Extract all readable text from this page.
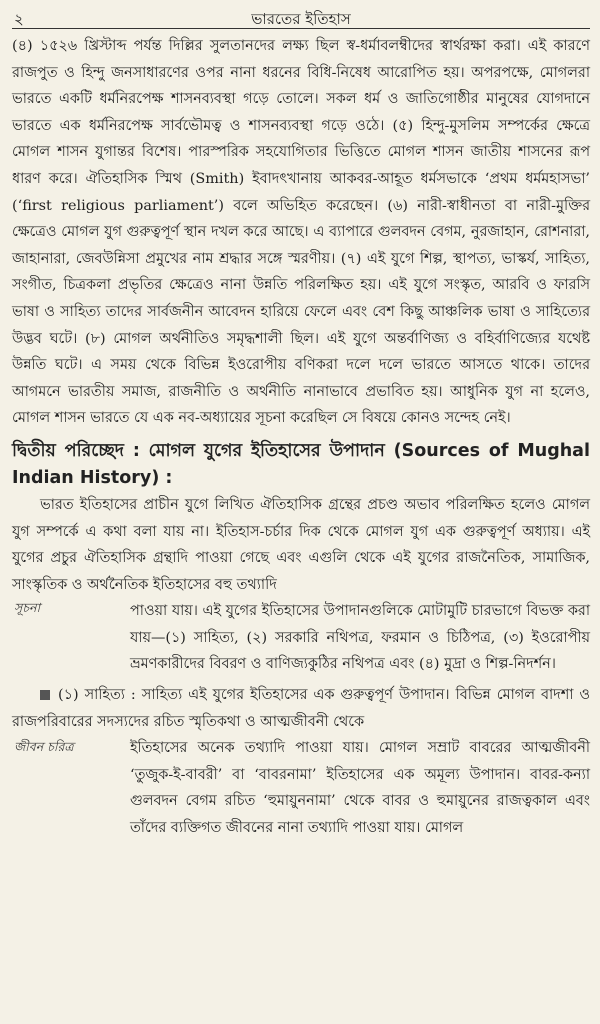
২	ভারতের ইতিহাস

(৪) ১৫২৬ খ্রিস্টাব্দ পর্যন্ত দিল্লির সুলতানদের লক্ষ্য ছিল স্ব-ধর্মাবলম্বীদের স্বার্থরক্ষা করা। এই কারণে রাজপুত ও হিন্দু জনসাধারণের ওপর নানা ধরনের বিধি-নিষেধ আরোপিত হয়। অপরপক্ষে, মোগলরা ভারতে একটি ধর্মনিরপেক্ষ শাসনব্যবস্থা গড়ে তোলে। সকল ধর্ম ও জাতিগোষ্ঠীর মানুষের যোগদানে ভারতে এক ধর্মনিরপেক্ষ সার্বভৌমত্ব ও শাসনব্যবস্থা গড়ে ওঠে। (৫) হিন্দু-মুসলিম সম্পর্কের ক্ষেত্রে মোগল শাসন যুগান্তর বিশেষ। পারস্পরিক সহযোগিতার ভিত্তিতে মোগল শাসন জাতীয় শাসনের রূপ ধারণ করে। ঐতিহাসিক স্মিথ (Smith) ইবাদৎখানায় আকবর-আহূত ধর্মসভাকে ‘প্রথম ধর্মমহাসভা’ (‘first religious parliament’) বলে অভিহিত করেছেন। (৬) নারী-স্বাধীনতা বা নারী-মুক্তির ক্ষেত্রেও মোগল যুগ গুরুত্বপূর্ণ স্থান দখল করে আছে। এ ব্যাপারে গুলবদন বেগম, নুরজাহান, রোশনারা, জাহানারা, জেবউন্নিসা প্রমুখের নাম শ্রদ্ধার সঙ্গে স্মরণীয়। (৭) এই যুগে শিল্প, স্থাপত্য, ভাস্কর্য, সাহিত্য, সংগীত, চিত্রকলা প্রভৃতির ক্ষেত্রেও নানা উন্নতি পরিলক্ষিত হয়। এই যুগে সংস্কৃত, আরবি ও ফারসি ভাষা ও সাহিত্য তাদের সার্বজনীন আবেদন হারিয়ে ফেলে এবং বেশ কিছু আঞ্চলিক ভাষা ও সাহিত্যের উদ্ভব ঘটে। (৮) মোগল অর্থনীতিও সমৃদ্ধশালী ছিল। এই যুগে অন্তর্বাণিজ্য ও বহির্বাণিজ্যের যথেষ্ট উন্নতি ঘটে। এ সময় থেকে বিভিন্ন ইওরোপীয় বণিকরা দলে দলে ভারতে আসতে থাকে। তাদের আগমনে ভারতীয় সমাজ, রাজনীতি ও অর্থনীতি নানাভাবে প্রভাবিত হয়। আধুনিক যুগ না হলেও, মোগল শাসন ভারতে যে এক নব-অধ্যায়ের সূচনা করেছিল সে বিষয়ে কোনও সন্দেহ নেই।

দ্বিতীয় পরিচ্ছেদ : মোগল যুগের ইতিহাসের উপাদান (Sources of Mughal Indian History) :

ভারত ইতিহাসের প্রাচীন যুগে লিখিত ঐতিহাসিক গ্রন্থের প্রচণ্ড অভাব পরিলক্ষিত হলেও মোগল যুগ সম্পর্কে এ কথা বলা যায় না। ইতিহাস-চর্চার দিক থেকে মোগল যুগ এক গুরুত্বপূর্ণ অধ্যায়। এই যুগের প্রচুর ঐতিহাসিক গ্রন্থাদি পাওয়া গেছে এবং এগুলি থেকে এই যুগের রাজনৈতিক, সামাজিক, সাংস্কৃতিক ও অর্থনৈতিক ইতিহাসের বহু তথ্যাদি

সূচনা	পাওয়া যায়। এই যুগের ইতিহাসের উপাদানগুলিকে মোটামুটি চারভাগে বিভক্ত করা যায়—(১) সাহিত্য, (২) সরকারি নথিপত্র, ফরমান ও চিঠিপত্র, (৩) ইওরোপীয় ভ্রমণকারীদের বিবরণ ও বাণিজ্যকুঠির নথিপত্র এবং (৪) মুদ্রা ও শিল্প-নিদর্শন।

(১) সাহিত্য : সাহিত্য এই যুগের ইতিহাসের এক গুরুত্বপূর্ণ উপাদান। বিভিন্ন মোগল বাদশা ও রাজপরিবারের সদস্যদের রচিত স্মৃতিকথা ও আত্মজীবনী থেকে

জীবন চরিত্র	ইতিহাসের অনেক তথ্যাদি পাওয়া যায়। মোগল সম্রাট বাবরের আত্মজীবনী ‘তুজুক-ই-বাবরী’ বা ‘বাবরনামা’ ইতিহাসের এক অমূল্য উপাদান। বাবর-কন্যা গুলবদন বেগম রচিত ‘হুমায়ুননামা’ থেকে বাবর ও হুমায়ুনের রাজত্বকাল এবং তাঁদের ব্যক্তিগত জীবনের নানা তথ্যাদি পাওয়া যায়। মোগল
